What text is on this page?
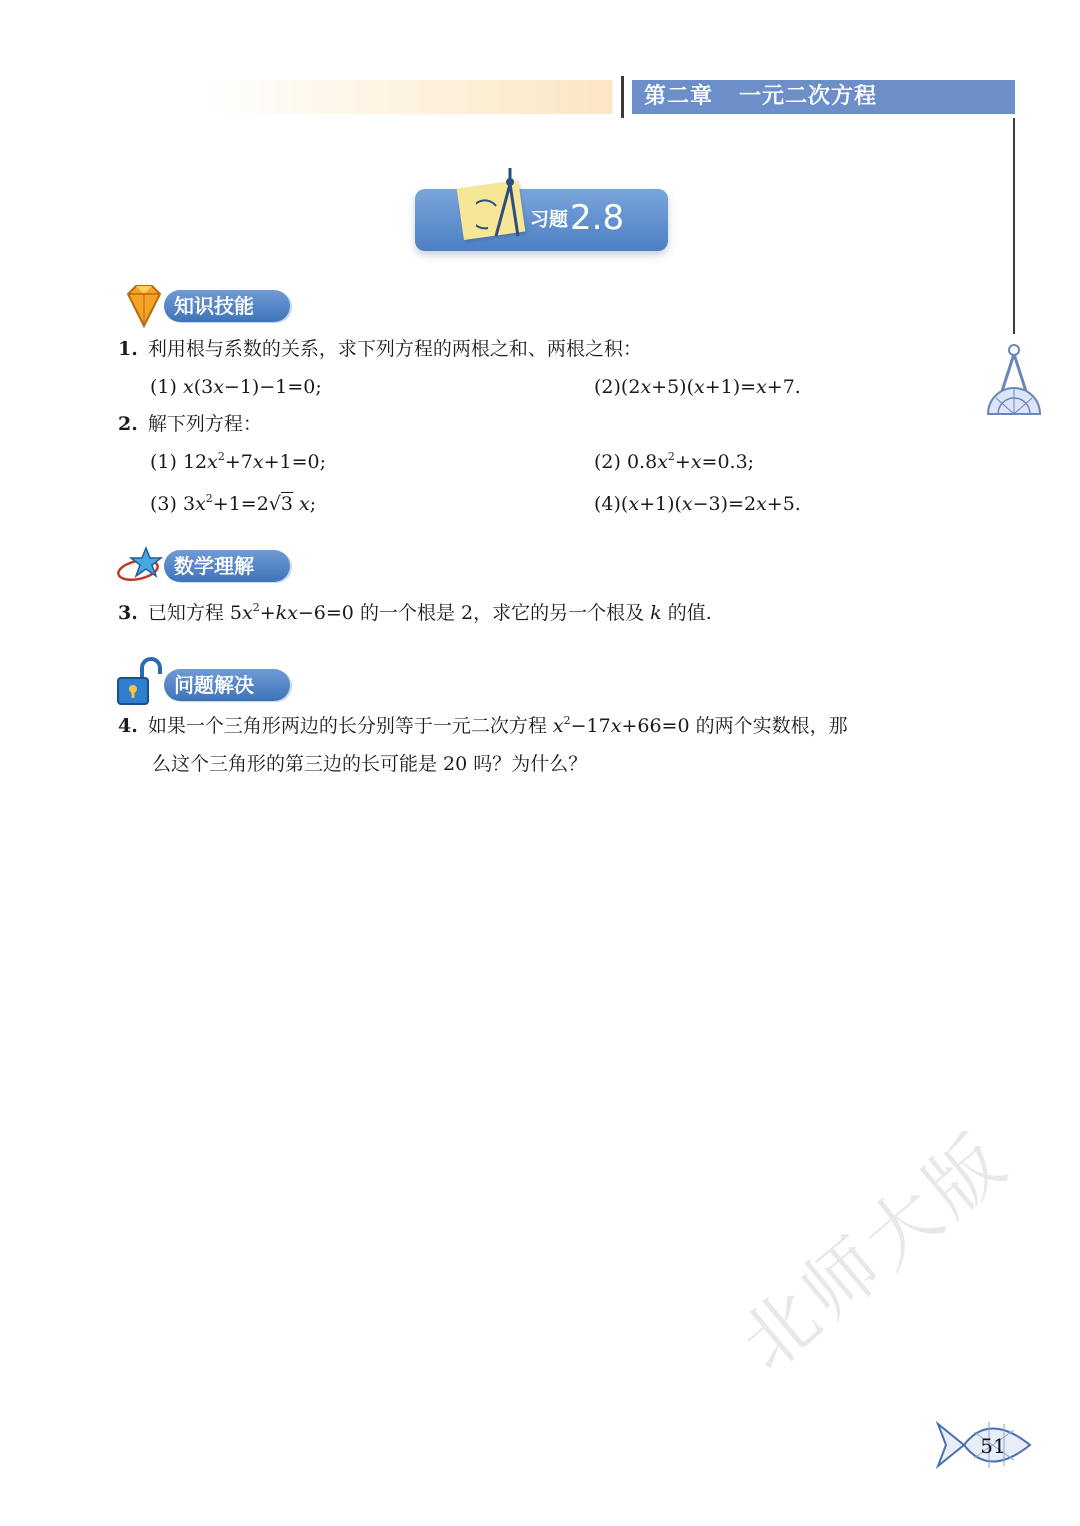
第二章 一元二次方程
习题2.8
知识技能
1. 利用根与系数的关系，求下列方程的两根之和、两根之积：
(1) x(3x−1)−1=0;	(2)(2x+5)(x+1)=x+7.
2. 解下列方程：
(1) $12x^2+7x+1=0$;	(2) $0.8x^2+x=0.3$;
(3) $3x^2+1=2√3$ x;	(4)(x+1)(x−3)=2x+5.
数学理解
3. 已知方程 $5x^2+kx-6=0$ 的一个根是 2，求它的另一个根及 k 的值.
问题解决
4. 如果一个三角形两边的长分别等于一元二次方程 $x^2-17x+66=0$ 的两个实数根，那
么这个三角形的第三边的长可能是 20 吗？为什么？
北师大版
51
